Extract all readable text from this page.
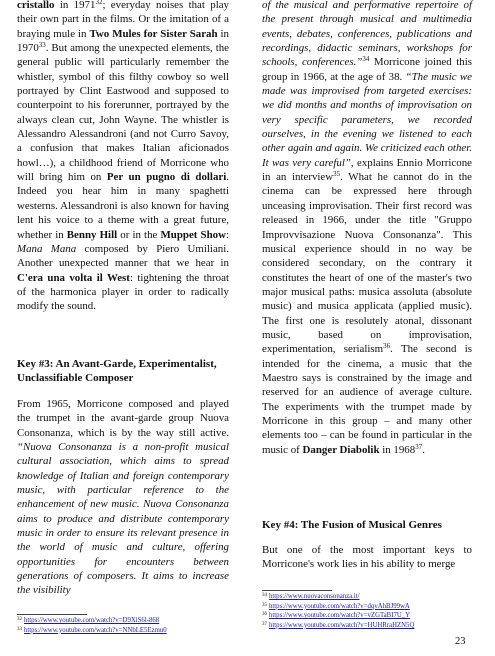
cristallo in 1971$^{32}$; everyday noises that play their own part in the films. Or the imitation of a braying mule in Two Mules for Sister Sarah in 1970$^{33}$. But among the unexpected elements, the general public will particularly remember the whistler, symbol of this filthy cowboy so well portrayed by Clint Eastwood and supposed to counterpoint to his forerunner, portrayed by the always clean cut, John Wayne. The whistler is Alessandro Alessandroni (and not Curro Savoy, a confusion that makes Italian aficionados howl…), a childhood friend of Morricone who will bring him on Per un pugno di dollari. Indeed you hear him in many spaghetti westerns. Alessandroni is also known for having lent his voice to a theme with a great future, whether in Benny Hill or in the Muppet Show: Mana Mana composed by Piero Umiliani. Another unexpected manner that we hear in C'era una volta il West: tightening the throat of the harmonica player in order to radically modify the sound.

Key #3: An Avant-Garde, Experimentalist, Unclassifiable Composer

From 1965, Morricone composed and played the trumpet in the avant-garde group Nuova Consonanza, which is by the way still active. “Nuova Consonanza is a non-profit musical cultural association, which aims to spread knowledge of Italian and foreign contemporary music, with particular reference to the enhancement of new music. Nuova Consonanza aims to produce and distribute contemporary music in order to ensure its relevant presence in the world of music and culture, offering opportunities for encounters between generations of composers. It aims to increase the visibility

$^{32}$ https://www.youtube.com/watch?v=D9XiS6l-868
$^{33}$ https://www.youtube.com/watch?v=NNbLE5Ezmu0

of the musical and performative repertoire of the present through musical and multimedia events, debates, conferences, publications and recordings, didactic seminars, workshops for schools, conferences.”$^{34}$ Morricone joined this group in 1966, at the age of 38. “The music we made was improvised from targeted exercises: we did months and months of improvisation on very specific parameters, we recorded ourselves, in the evening we listened to each other again and again. We criticized each other. It was very careful”, explains Ennio Morricone in an interview$^{35}$. What he cannot do in the cinema can be expressed here through unceasing improvisation. Their first record was released in 1966, under the title "Gruppo Improvvisazione Nuova Consonanza". This musical experience should in no way be considered secondary, on the contrary it constitutes the heart of one of the master's two major musical paths: musica assoluta (absolute music) and musica applicata (applied music). The first one is resolutely atonal, dissonant music, based on improvisation, experimentation, serialism$^{36}$. The second is intended for the cinema, a music that the Maestro says is constrained by the image and reserved for an audience of average culture. The experiments with the trumpet made by Morricone in this group – and many other elements too – can be found in particular in the music of Danger Diabolik in 1968$^{37}$.

Key #4: The Fusion of Musical Genres

But one of the most important keys to Morricone's work lies in his ability to merge

$^{34}$ https://www.nuovaconsonanza.it/
$^{35}$ https://www.youtube.com/watch?v=dqvAhBJ99wA
$^{36}$ https://www.youtube.com/watch?v=vZGTaBI7U_Y
$^{37}$ https://www.youtube.com/watch?v=HUHRraHZN5Q
23
